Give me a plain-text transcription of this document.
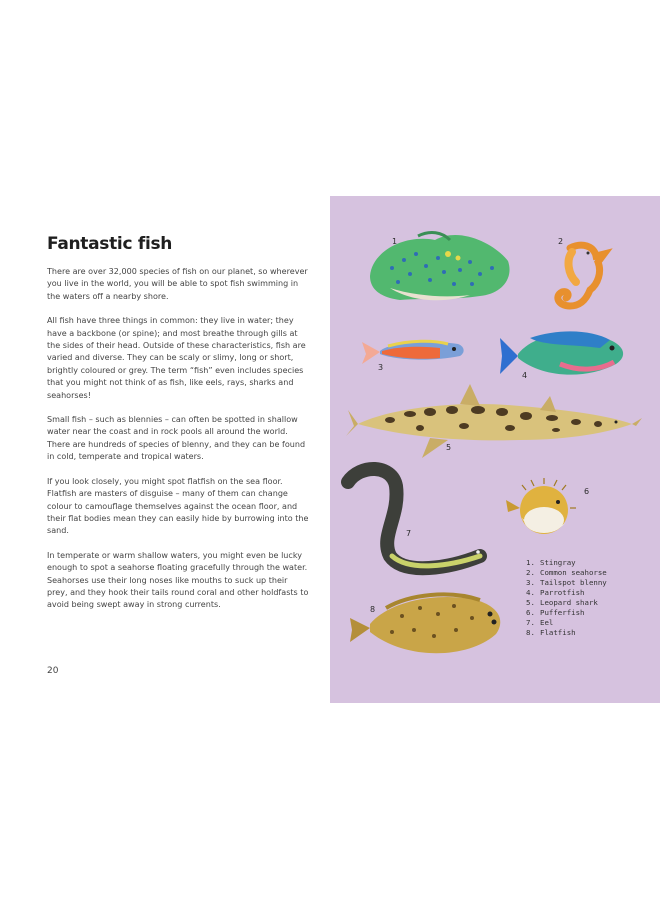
Fantastic fish

There are over 32,000 species of fish on our planet, so wherever you live in the world, you will be able to spot fish swimming in the waters off a nearby shore.

All fish have three things in common: they live in water; they have a backbone (or spine); and most breathe through gills at the sides of their head. Outside of these characteristics, fish are varied and diverse. They can be scaly or slimy, long or short, brightly coloured or grey. The term “fish” even includes species that you might not think of as fish, like eels, rays, sharks and seahorses!

Small fish – such as blennies – can often be spotted in shallow water near the coast and in rock pools all around the world. There are hundreds of species of blenny, and they can be found in cold, temperate and tropical waters.

If you look closely, you might spot flatfish on the sea floor. Flatfish are masters of disguise – many of them can change colour to camouflage themselves against the ocean floor, and their flat bodies mean they can easily hide by burrowing into the sand.

In temperate or warm shallow waters, you might even be lucky enough to spot a seahorse floating gracefully through the water. Seahorses use their long noses like mouths to suck up their prey, and they hook their tails round coral and other holdfasts to avoid being swept away in strong currents.

20
1	2
3
4
5
6
7
8
1. Stingray
2. Common seahorse
3. Tailspot blenny
4. Parrotfish
5. Leopard shark
6. Pufferfish
7. Eel
8. Flatfish
